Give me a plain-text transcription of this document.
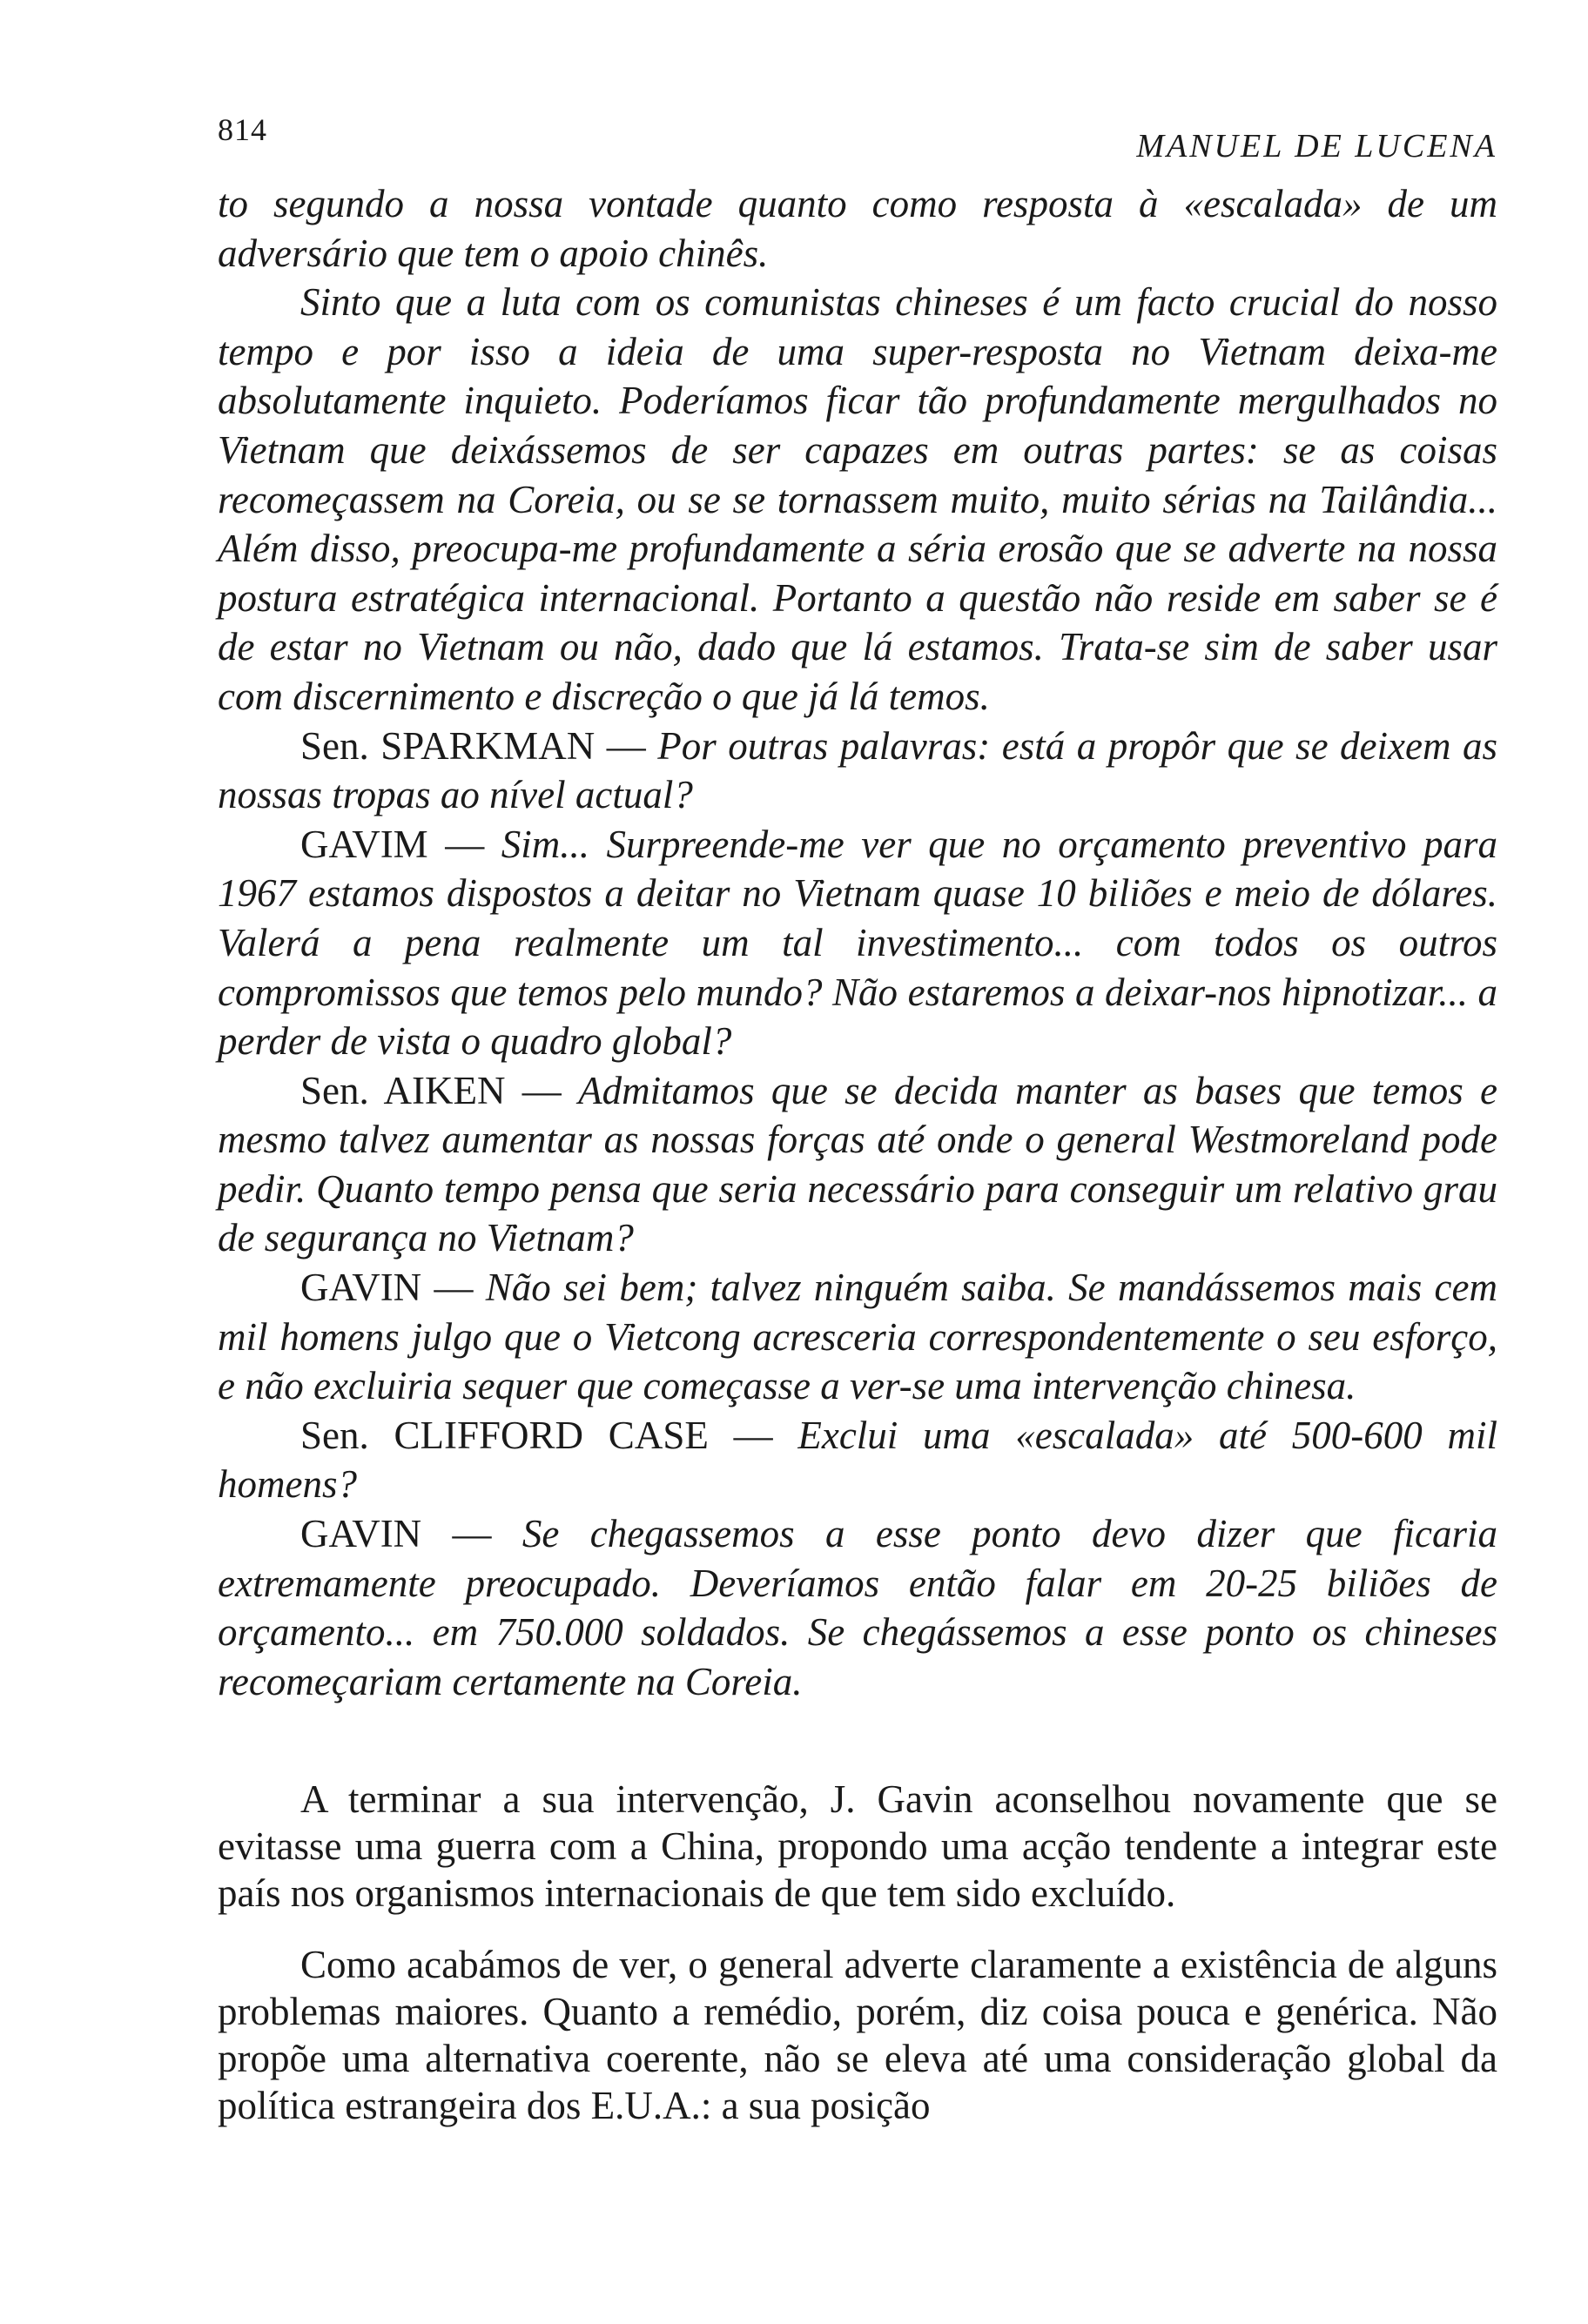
814	MANUEL DE LUCENA

to segundo a nossa vontade quanto como resposta à «escalada» de um adversário que tem o apoio chinês.

Sinto que a luta com os comunistas chineses é um facto crucial do nosso tempo e por isso a ideia de uma super-resposta no Vietnam deixa-me absolutamente inquieto. Poderíamos ficar tão profundamente mergulhados no Vietnam que deixássemos de ser capazes em outras partes: se as coisas recomeçassem na Coreia, ou se se tornassem muito, muito sérias na Tailândia... Além disso, preocupa-me profundamente a séria erosão que se adverte na nossa postura estratégica internacional. Portanto a questão não reside em saber se é de estar no Vietnam ou não, dado que lá estamos. Trata-se sim de saber usar com discernimento e discreção o que já lá temos.

Sen. SPARKMAN — Por outras palavras: está a propôr que se deixem as nossas tropas ao nível actual?

GAVIM — Sim... Surpreende-me ver que no orçamento preventivo para 1967 estamos dispostos a deitar no Vietnam quase 10 biliões e meio de dólares. Valerá a pena realmente um tal investimento... com todos os outros compromissos que temos pelo mundo? Não estaremos a deixar-nos hipnotizar... a perder de vista o quadro global?

Sen. AIKEN — Admitamos que se decida manter as bases que temos e mesmo talvez aumentar as nossas forças até onde o general Westmoreland pode pedir. Quanto tempo pensa que seria necessário para conseguir um relativo grau de segurança no Vietnam?

GAVIN — Não sei bem; talvez ninguém saiba. Se mandássemos mais cem mil homens julgo que o Vietcong acresceria correspondentemente o seu esforço, e não excluiria sequer que começasse a ver-se uma intervenção chinesa.

Sen. CLIFFORD CASE — Exclui uma «escalada» até 500-600 mil homens?

GAVIN — Se chegassemos a esse ponto devo dizer que ficaria extremamente preocupado. Deveríamos então falar em 20-25 biliões de orçamento... em 750.000 soldados. Se chegássemos a esse ponto os chineses recomeçariam certamente na Coreia.

A terminar a sua intervenção, J. Gavin aconselhou novamente que se evitasse uma guerra com a China, propondo uma acção tendente a integrar este país nos organismos internacionais de que tem sido excluído.

Como acabámos de ver, o general adverte claramente a existência de alguns problemas maiores. Quanto a remédio, porém, diz coisa pouca e genérica. Não propõe uma alternativa coerente, não se eleva até uma consideração global da política estrangeira dos E.U.A.: a sua posição
